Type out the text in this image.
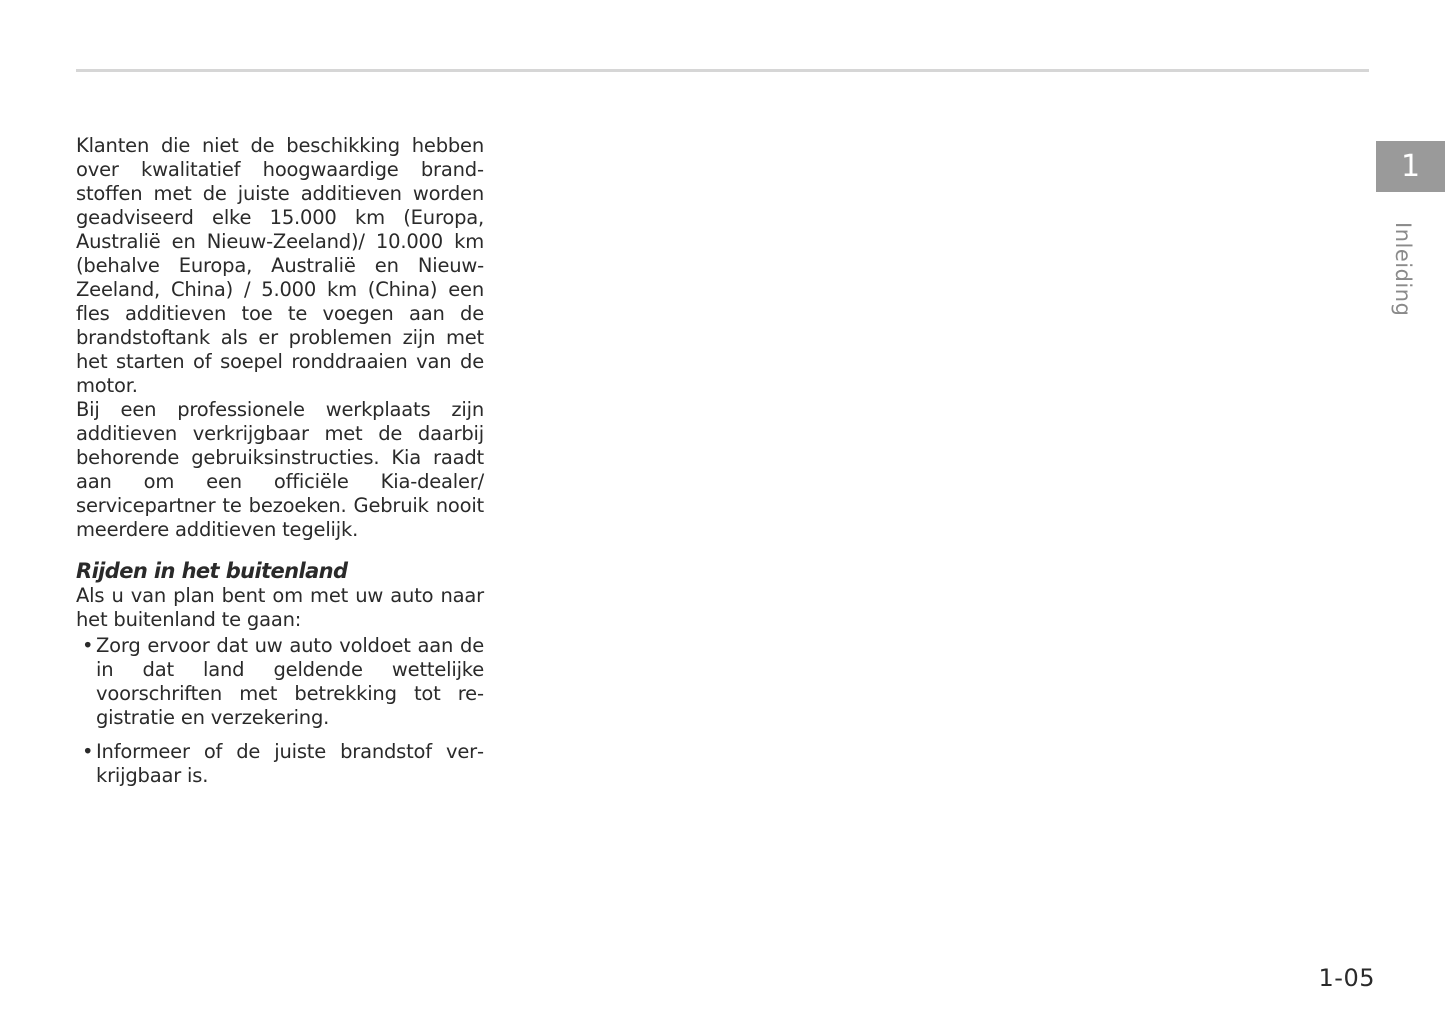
Klanten die niet de beschikking hebben over kwalitatief hoogwaardige brandstoffen met de juiste additieven worden geadviseerd elke 15.000 km (Europa, Australië en Nieuw-Zeeland)/ 10.000 km (behalve Europa, Australië en Nieuw-Zeeland, China) / 5.000 km (China) een fles additieven toe te voegen aan de brandstoftank als er problemen zijn met het starten of soepel ronddraaien van de motor.

Bij een professionele werkplaats zijn additieven verkrijgbaar met de daarbij behorende gebruiksinstructies. Kia raadt aan om een officiële Kia-dealer/ servicepartner te bezoeken. Gebruik nooit meerdere additieven tegelijk.

Rijden in het buitenland

Als u van plan bent om met uw auto naar het buitenland te gaan:

• Zorg ervoor dat uw auto voldoet aan de in dat land geldende wettelijke voorschriften met betrekking tot registratie en verzekering.
• Informeer of de juiste brandstof verkrijgbaar is.
1
Inleiding
1-05
